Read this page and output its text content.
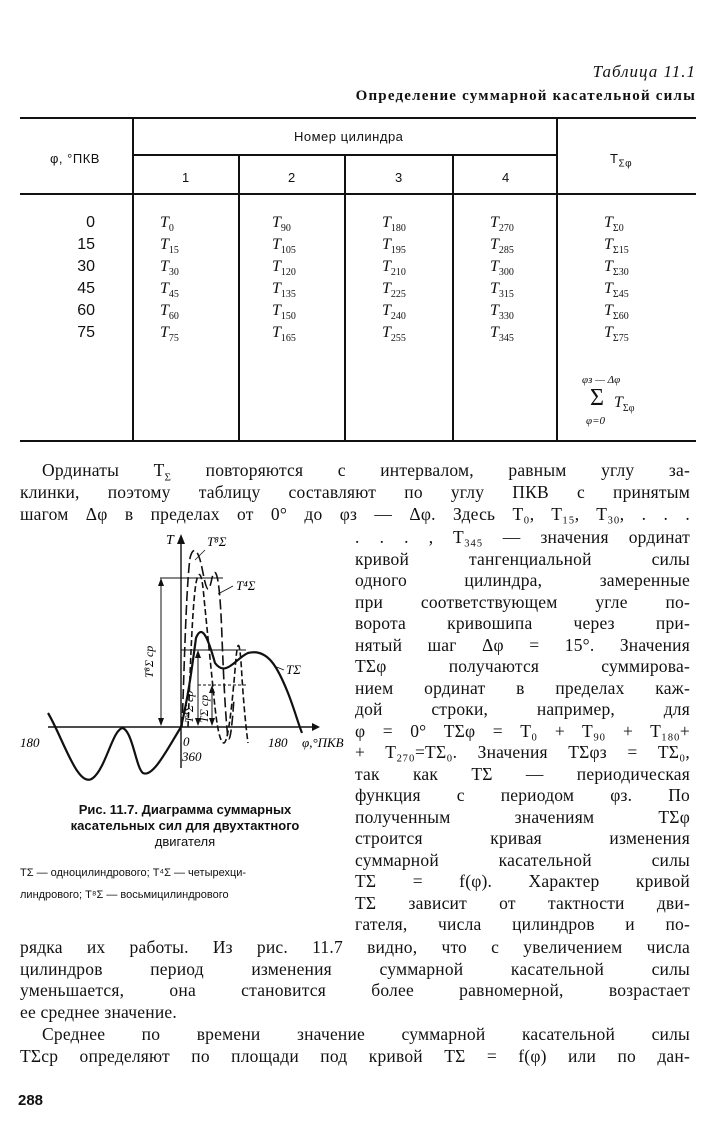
Таблица 11.1
Определение суммарной касательной силы
φ, °ПКВ
Номер цилиндра
1	2	3	4
$T_{\Sigma\varphi}$
0	$T_0$	$T_{90}$	$T_{180}$	$T_{270}$	$T_{\Sigma 0}$
15	$T_{15}$	$T_{105}$	$T_{195}$	$T_{285}$	$T_{\Sigma 15}$
30	$T_{30}$	$T_{120}$	$T_{210}$	$T_{300}$	$T_{\Sigma 30}$
45	$T_{45}$	$T_{135}$	$T_{225}$	$T_{315}$	$T_{\Sigma 45}$
60	$T_{60}$	$T_{150}$	$T_{240}$	$T_{330}$	$T_{\Sigma 60}$
75	$T_{75}$	$T_{165}$	$T_{255}$	$T_{345}$	$T_{\Sigma 75}$
φз — Δφ
Σ $T_{\Sigma\varphi}$
φ=0
Ординаты $T_\Sigma$ повторяются с интервалом, равным углу за-
клинки, поэтому таблицу составляют по углу ПКВ с принятым
шагом Δφ в пределах от 0° до φз — Δφ. Здесь T₀, T₁₅, T₃₀, . . .
. . . , T₃₄₅ — значения ординат
кривой тангенциальной силы
одного цилиндра, замеренные
при соответствующем угле по-
ворота кривошипа через при-
нятый шаг Δφ = 15°. Значения
TΣφ получаются суммирова-
нием ординат в пределах каж-
дой строки, например, для
φ = 0° TΣφ = T₀ + T₉₀ + T₁₈₀+
+ T₂₇₀=TΣ₀. Значения TΣφз = TΣ₀,
так как TΣ — периодическая
функция с периодом φз. По
полученным значениям TΣφ
строится кривая изменения
суммарной касательной силы
TΣ = f(φ). Характер кривой
TΣ зависит от тактности дви-
гателя, числа цилиндров и по-
рядка их работы. Из рис. 11.7 видно, что с увеличением числа
цилиндров период изменения суммарной касательной силы
уменьшается, она становится более равномерной, возрастает
ее среднее значение.
Среднее по времени значение суммарной касательной силы
TΣср определяют по площади под кривой TΣ = f(φ) или по дан-
T	T⁸Σ
T⁴Σ
TΣ
T⁸Σ ср
T⁴Σ ср TΣ ср
180	0
360
180 φ,°ПКВ
Рис. 11.7. Диаграмма суммарных
касательных сил для двухтактного
двигателя
TΣ — одноцилиндрового; T⁴Σ — четырехци-
линдрового; T⁸Σ — восьмицилиндрового
288
